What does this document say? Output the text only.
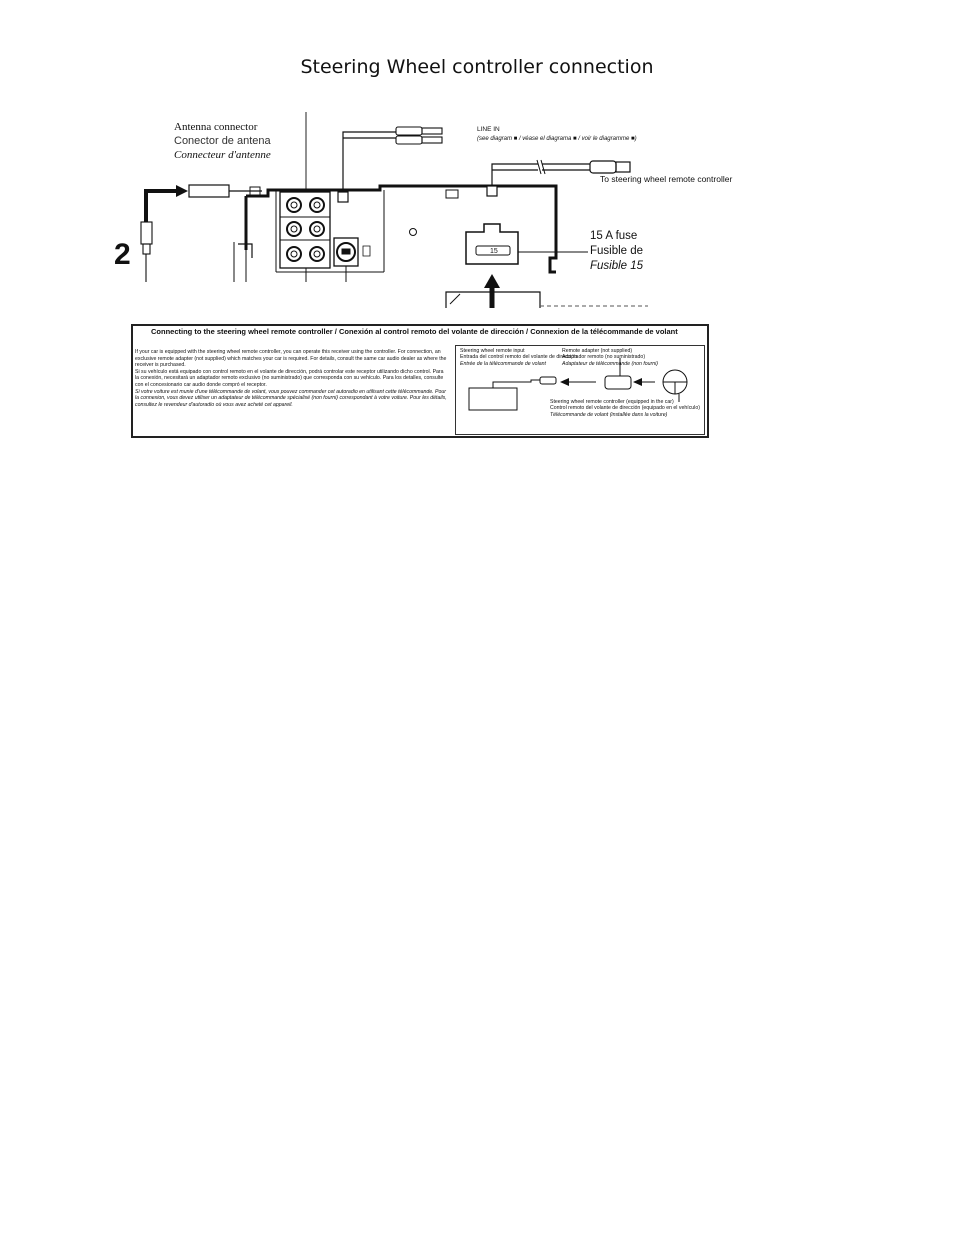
Steering Wheel controller connection
Antenna connector
Conector de antena
Connecteur d'antenne
2
LINE IN
(see diagram ■ / véase el diagrama ■ / voir le diagramme ■)
To steering wheel remote controller
15 A fuse
Fusible de
Fusible 15
15
Connecting to the steering wheel remote controller / Conexión al control remoto del volante de dirección / Connexion de la télécommande de volant
If your car is equipped with the steering wheel remote controller, you can operate this receiver using the controller. For connection, an exclusive remote adapter (not supplied) which matches your car is required. For details, consult the same car audio dealer as where the receiver is purchased.
Si su vehículo está equipado con control remoto en el volante de dirección, podrá controlar este receptor utilizando dicho control. Para la conexión, necesitará un adaptador remoto exclusivo (no suministrado) que corresponda con su vehículo. Para los detalles, consulte con el concesionario car audio donde compró el receptor.
Si votre voiture est munie d'une télécommande de volant, vous pouvez commander cet autoradio en utilisant cette télécommande. Pour la connexion, vous devez utiliser un adaptateur de télécommande spécialisé (non fourni) correspondant à votre voiture. Pour les détails, consultez le revendeur d'autoradio où vous avez acheté cet appareil.
Steering wheel remote input
Entrada del control remoto del volante de dirección
Entrée de la télécommande de volant
Remote adapter (not supplied)
Adaptador remoto (no suministrado)
Adaptateur de télécommande (non fourni)
Steering wheel remote controller (equipped in the car)
Control remoto del volante de dirección (equipado en el vehículo)
Télécommande de volant (installée dans la voiture)
